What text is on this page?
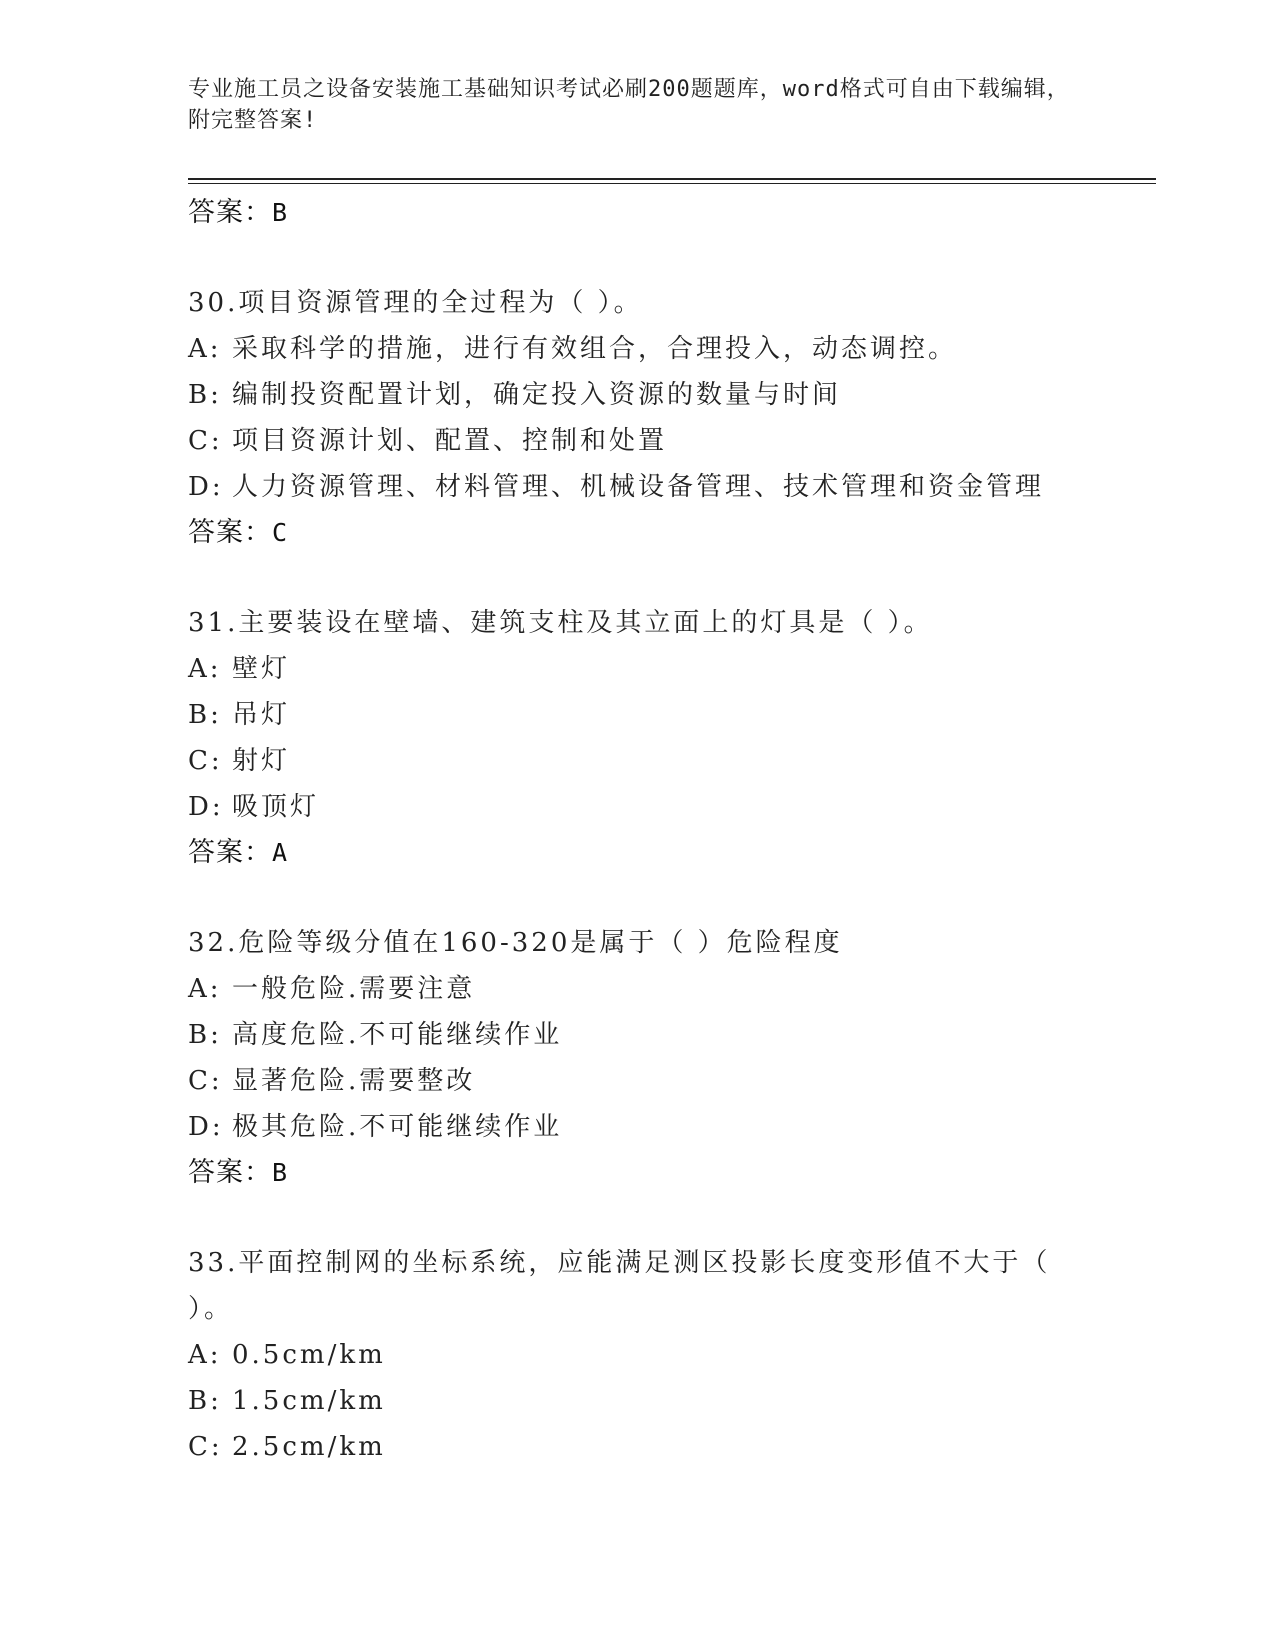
专业施工员之设备安装施工基础知识考试必刷200题题库，word格式可自由下载编辑，附完整答案!
答案：B
30.项目资源管理的全过程为（ ）。
A: 采取科学的措施，进行有效组合，合理投入，动态调控。
B: 编制投资配置计划，确定投入资源的数量与时间
C: 项目资源计划、配置、控制和处置
D: 人力资源管理、材料管理、机械设备管理、技术管理和资金管理
答案：C
31.主要装设在壁墙、建筑支柱及其立面上的灯具是（ ）。
A: 壁灯
B: 吊灯
C: 射灯
D: 吸顶灯
答案：A
32.危险等级分值在160-320是属于（ ）危险程度
A: 一般危险.需要注意
B: 高度危险.不可能继续作业
C: 显著危险.需要整改
D: 极其危险.不可能继续作业
答案：B
33.平面控制网的坐标系统，应能满足测区投影长度变形值不大于（ ）。
A: 0.5cm/km
B: 1.5cm/km
C: 2.5cm/km
